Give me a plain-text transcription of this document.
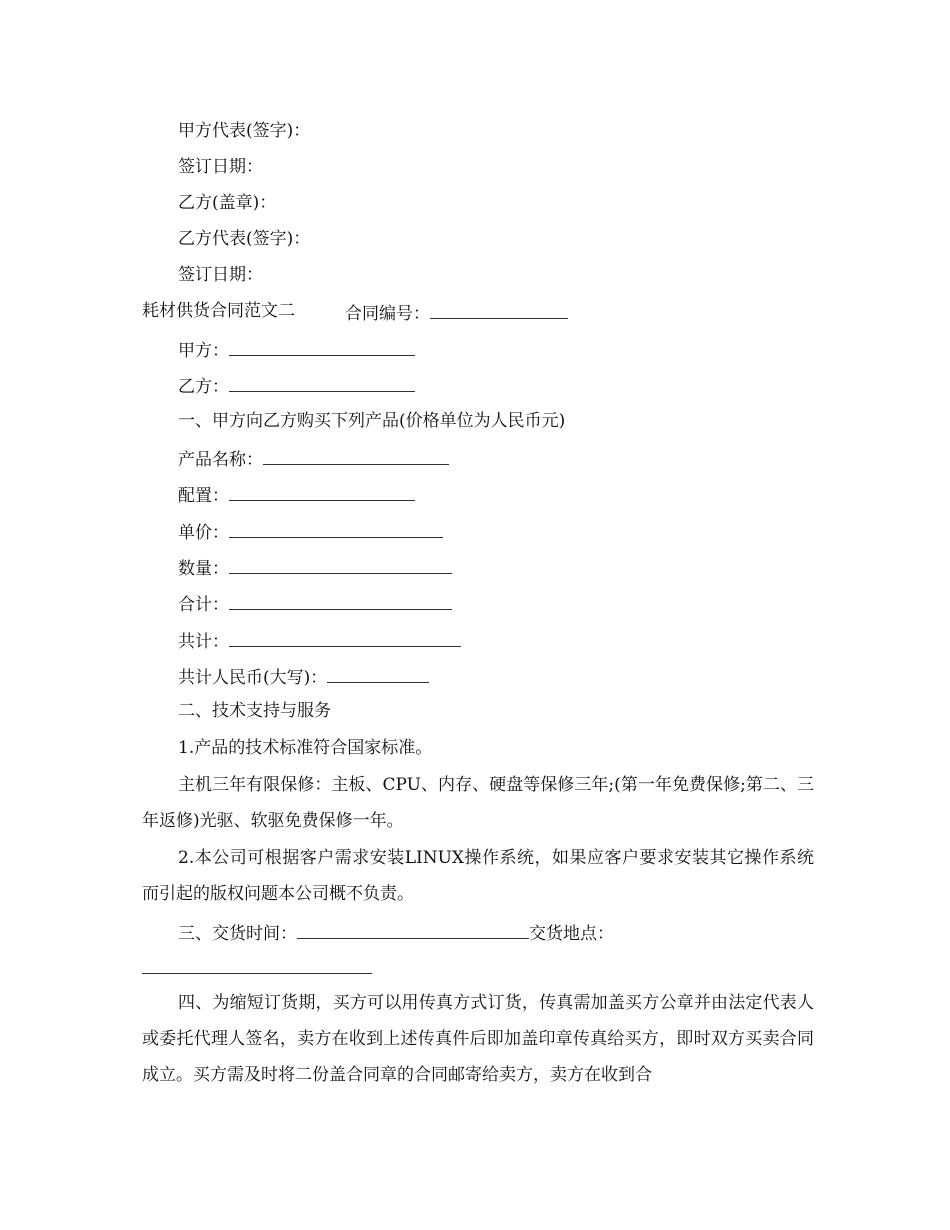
甲方代表(签字)：
签订日期：
乙方(盖章)：
乙方代表(签字)：
签订日期：
耗材供货合同范文二	合同编号：
甲方：
乙方：
一、甲方向乙方购买下列产品(价格单位为人民币元)
产品名称：
配置：
单价：
数量：
合计：
共计：
共计人民币(大写)：
二、技术支持与服务
1.产品的技术标准符合国家标准。
主机三年有限保修：主板、CPU、内存、硬盘等保修三年;(第一年免费保修;第二、三年返修)光驱、软驱免费保修一年。
2.本公司可根据客户需求安装LINUX操作系统，如果应客户要求安装其它操作系统而引起的版权问题本公司概不负责。
三、交货时间：	交货地点：
四、为缩短订货期，买方可以用传真方式订货，传真需加盖买方公章并由法定代表人或委托代理人签名，卖方在收到上述传真件后即加盖印章传真给买方，即时双方买卖合同成立。买方需及时将二份盖合同章的合同邮寄给卖方，卖方在收到合
